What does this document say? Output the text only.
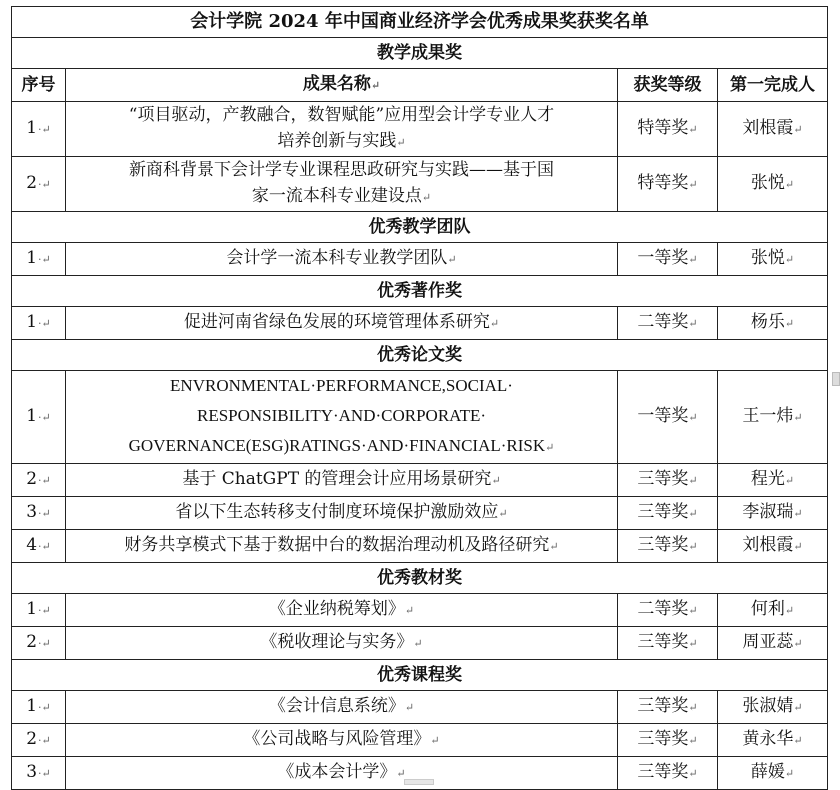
会计学院 2024 年中国商业经济学会优秀成果奖获奖名单			
教学成果奖			
序号	成果名称 ↵	获奖等级	第一完成人
1 ·↵	“项目驱动，产教融合，数智赋能”应用型会计学专业人才
培养创新与实践 ↵	特等奖 ↵	刘根霞 ↵
2 ·↵	新商科背景下会计学专业课程思政研究与实践——基于国
家一流本科专业建设点 ↵	特等奖 ↵	张悦 ↵
优秀教学团队			
1 ·↵	会计学一流本科专业教学团队 ↵	一等奖 ↵	张悦 ↵
优秀著作奖			
1 ·↵	促进河南省绿色发展的环境管理体系研究 ↵	二等奖 ↵	杨乐 ↵
优秀论文奖			
1 ·↵	ENVRONMENTAL·PERFORMANCE,SOCIAL·
RESPONSIBILITY·AND·CORPORATE·
GOVERNANCE(ESG)RATINGS·AND·FINANCIAL·RISK ↵	一等奖 ↵	王一炜 ↵
2 ·↵	基于 ChatGPT 的管理会计应用场景研究 ↵	三等奖 ↵	程光 ↵
3 ·↵	省以下生态转移支付制度环境保护激励效应 ↵	三等奖 ↵	李淑瑞 ↵
4 ·↵	财务共享模式下基于数据中台的数据治理动机及路径研究 ↵	三等奖 ↵	刘根霞 ↵
优秀教材奖			
1 ·↵	《企业纳税筹划》 ↵	二等奖 ↵	何利 ↵
2 ·↵	《税收理论与实务》 ↵	三等奖 ↵	周亚蕊 ↵
优秀课程奖			
1 ·↵	《会计信息系统》 ↵	三等奖 ↵	张淑婧 ↵
2 ·↵	《公司战略与风险管理》 ↵	三等奖 ↵	黄永华 ↵
3 ·↵	《成本会计学》 ↵	三等奖 ↵	薛媛 ↵
